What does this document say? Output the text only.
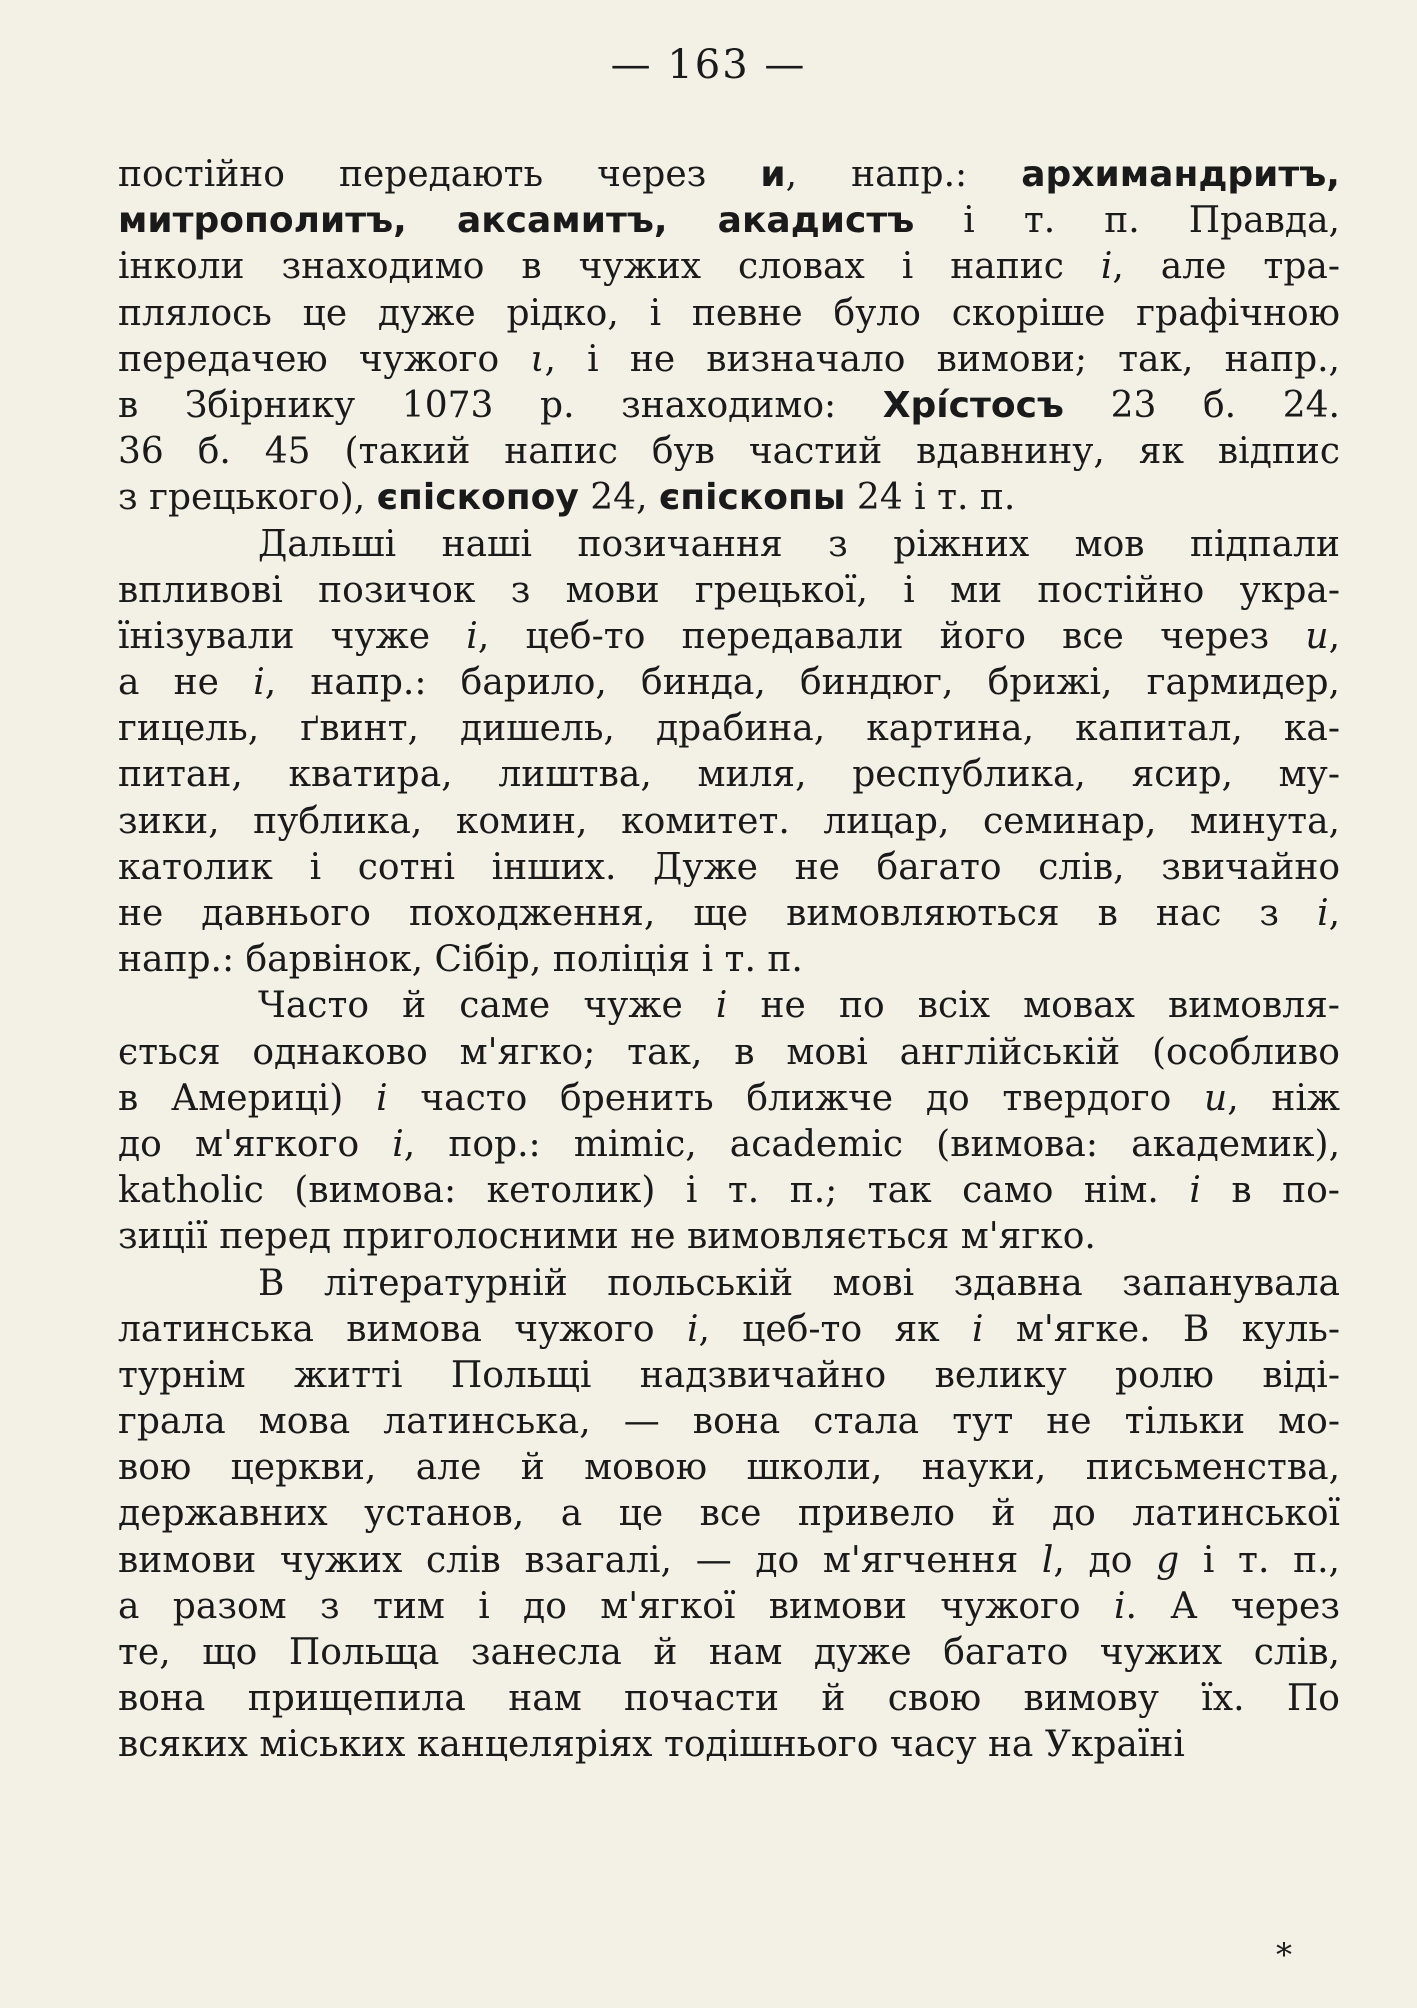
— 163 —
постійно передають через и, напр.: архимандритъ,
митрополитъ, аксамитъ, акадистъ і т. п. Правда,
інколи знаходимо в чужих словах і напис і, але тра-
плялось це дуже рідко, і певне було скоріше графічною
передачею чужого ι, і не визначало вимови; так, напр.,
в Збірнику 1073 р. знаходимо: Хрі́стосъ 23 б. 24.
36 б. 45 (такий напис був частий вдавнину, як відпис
з грецького), єпіскопоу 24, єпіскопы 24 і т. п.
Дальші наші позичання з ріжних мов підпали
впливові позичок з мови грецької, і ми постійно укра-
їнізували чуже і, цеб-то передавали його все через и,
а не і, напр.: барило, бинда, биндюг, брижі, гармидер,
гицель, ґвинт, дишель, драбина, картина, капитал, ка-
питан, кватира, лиштва, миля, республика, ясир, му-
зики, публика, комин, комитет. лицар, семинар, минута,
католик і сотні інших. Дуже не багато слів, звичайно
не давнього походження, ще вимовляються в нас з і,
напр.: барвінок, Сібір, поліція і т. п.
Часто й саме чуже і не по всіх мовах вимовля-
ється однаково м'ягко; так, в мові англійській (особливо
в Америці) і часто бренить ближче до твердого и, ніж
до м'ягкого і, пор.: mimic, academic (вимова: академик),
katholic (вимова: кетолик) і т. п.; так само нім. і в по-
зиції перед приголосними не вимовляється м'ягко.
В літературній польській мові здавна запанувала
латинська вимова чужого і, цеб-то як і м'ягке. В куль-
турнім житті Польщі надзвичайно велику ролю віді-
грала мова латинська, — вона стала тут не тільки мо-
вою церкви, але й мовою школи, науки, письменства,
державних установ, а це все привело й до латинської
вимови чужих слів взагалі, — до м'ягчення l, до g і т. п.,
а разом з тим і до м'ягкої вимови чужого і. А через
те, що Польща занесла й нам дуже багато чужих слів,
вона прищепила нам почасти й свою вимову їх. По
всяких міських канцеляріях тодішнього часу на Україні
*
